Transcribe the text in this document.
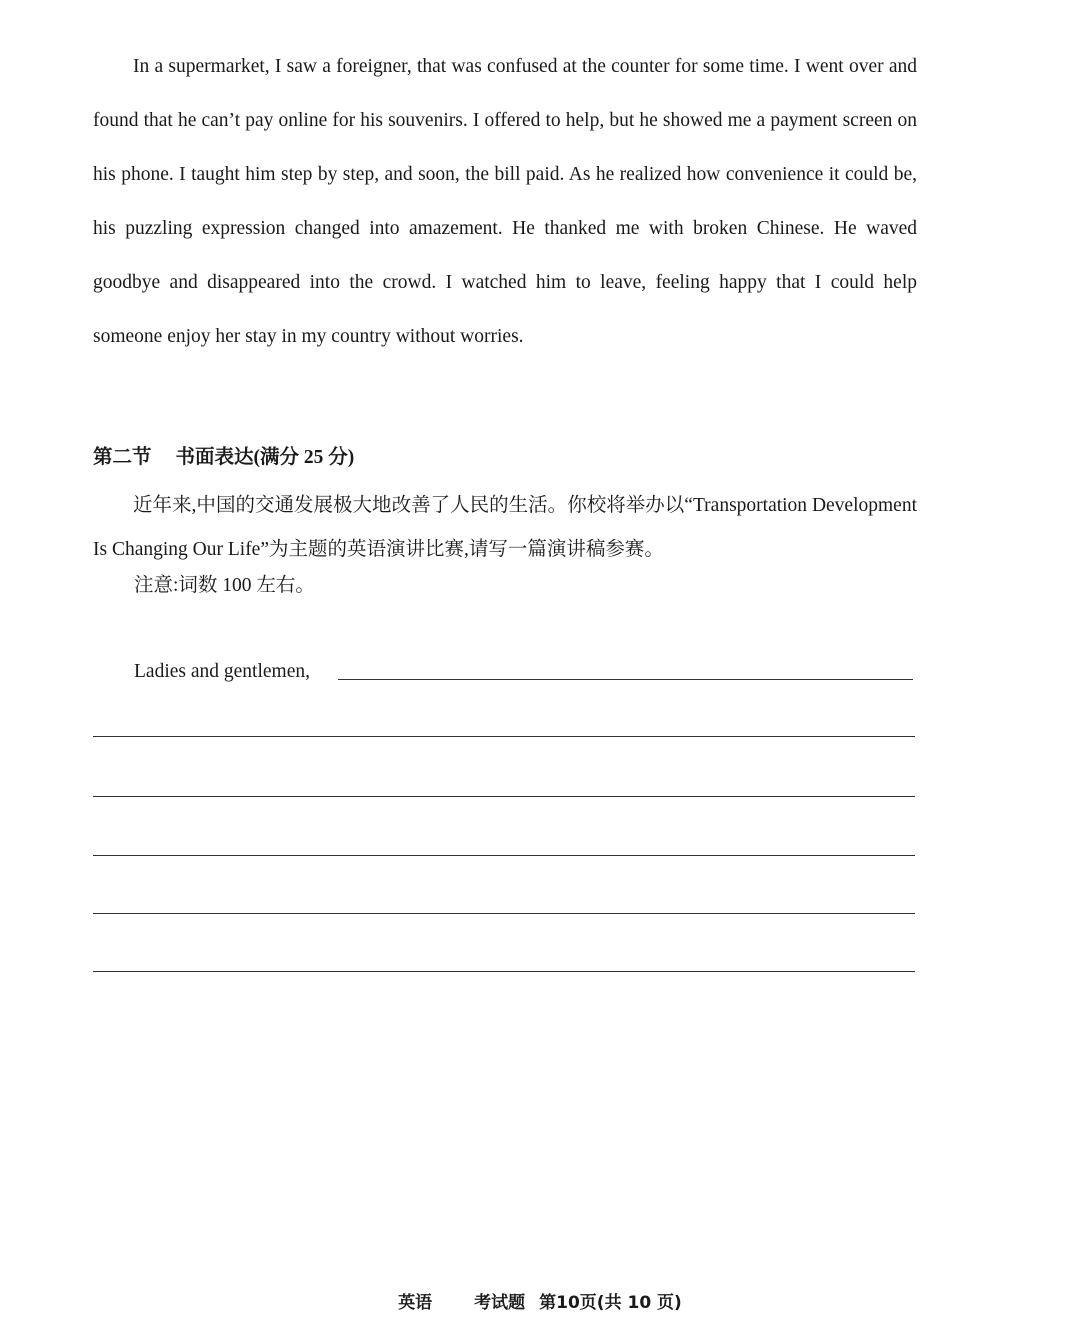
In a supermarket, I saw a foreigner, that was confused at the counter for some time. I went over and found that he can’t pay online for his souvenirs. I offered to help, but he showed me a payment screen on his phone. I taught him step by step, and soon, the bill paid. As he realized how convenience it could be, his puzzling expression changed into amazement. He thanked me with broken Chinese. He waved goodbye and disappeared into the crowd. I watched him to leave, feeling happy that I could help someone enjoy her stay in my country without worries.

第二节 书面表达(满分 25 分)

近年来,中国的交通发展极大地改善了人民的生活。你校将举办以“Transportation Development Is Changing Our Life”为主题的英语演讲比赛,请写一篇演讲稿参赛。

注意:词数 100 左右。

Ladies and gentlemen,

英语 考试题 第10页(共 10 页)
